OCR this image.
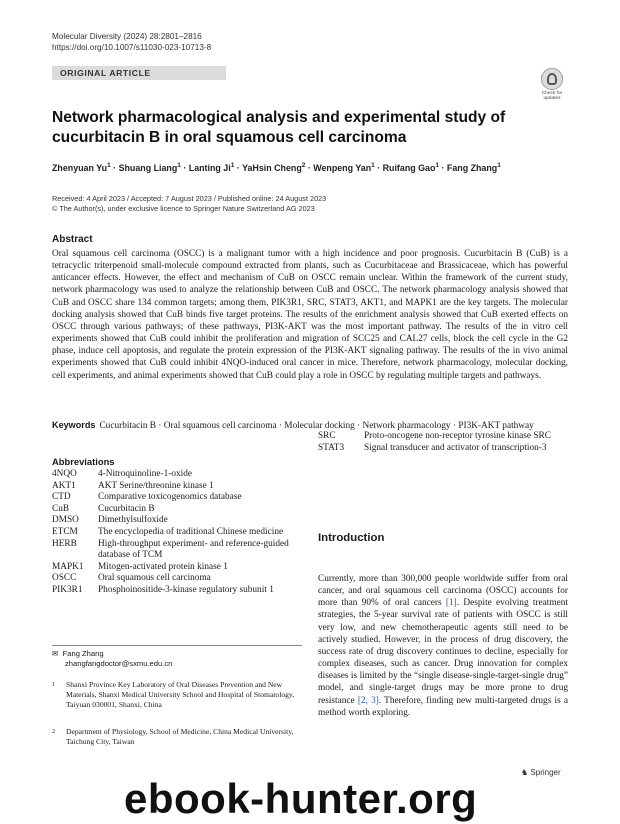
Molecular Diversity (2024) 28:2801–2816
https://doi.org/10.1007/s11030-023-10713-8
ORIGINAL ARTICLE
Check for
updates
Network pharmacological analysis and experimental study of cucurbitacin B in oral squamous cell carcinoma
Zhenyuan $Yu^1$ · Shuang Liang$^1$ · Lanting $Ji^1 \cdot YaHsin$ Cheng$^2$ · Wenpeng Yan$^1$ · Ruifang Gao$^1$ · Fang Zhang$^1$
Received: 4 April 2023 / Accepted: 7 August 2023 / Published online: 24 August 2023
© The Author(s), under exclusive licence to Springer Nature Switzerland AG 2023
Abstract
Oral squamous cell carcinoma (OSCC) is a malignant tumor with a high incidence and poor prognosis. Cucurbitacin B (CuB) is a tetracyclic triterpenoid small-molecule compound extracted from plants, such as Cucurbitaceae and Brassicaceae, which has powerful anticancer effects. However, the effect and mechanism of CuB on OSCC remain unclear. Within the framework of the current study, network pharmacology was used to analyze the relationship between CuB and OSCC. The network pharmacology analysis showed that CuB and OSCC share 134 common targets; among them, PIK3R1, SRC, STAT3, AKT1, and MAPK1 are the key targets. The molecular docking analysis showed that CuB binds five target proteins. The results of the enrichment analysis showed that CuB exerted effects on OSCC through various pathways; of these pathways, PI3K-AKT was the most important pathway. The results of the in vitro cell experiments showed that CuB could inhibit the proliferation and migration of SCC25 and CAL27 cells, block the cell cycle in the G2 phase, induce cell apoptosis, and regulate the protein expression of the PI3K-AKT signaling pathway. The results of the in vivo animal experiments showed that CuB could inhibit 4NQO-induced oral cancer in mice. Therefore, network pharmacology, molecular docking, cell experiments, and animal experiments showed that CuB could play a role in OSCC by regulating multiple targets and pathways.
Keywords Cucurbitacin B · Oral squamous cell carcinoma · Molecular docking · Network pharmacology · PI3K-AKT pathway
Abbreviations
4NQO	4-Nitroquinoline-1-oxide
AKT1	AKT Serine/threonine kinase 1
CTD	Comparative toxicogenomics database
CuB	Cucurbitacin B
DMSO	Dimethylsulfoxide
ETCM	The encyclopedia of traditional Chinese medicine
HERB	High-throughput experiment- and reference-guided database of TCM
MAPK1	Mitogen-activated protein kinase 1
OSCC	Oral squamous cell carcinoma
PIK3R1	Phosphoinositide-3-kinase regulatory subunit 1
SRC	Proto-oncogene non-receptor tyrosine kinase SRC
STAT3	Signal transducer and activator of transcription-3
✉ Fang Zhang
zhangfangdoctor@sxmu.edu.cn
1 Shanxi Province Key Laboratory of Oral Diseases Prevention and New Materials, Shanxi Medical University School and Hospital of Stomatology, Taiyuan 030001, Shanxi, China
2 Department of Physiology, School of Medicine, China Medical University, Taichung City, Taiwan
Introduction
Currently, more than 300,000 people worldwide suffer from oral cancer, and oral squamous cell carcinoma (OSCC) accounts for more than 90% of oral cancers [1]. Despite evolving treatment strategies, the 5-year survival rate of patients with OSCC is still very low, and new chemotherapeutic agents still need to be actively studied. However, in the process of drug discovery, the success rate of drug discovery continues to decline, especially for complex diseases, such as cancer. Drug innovation for complex diseases is limited by the “single disease-single-target-single drug” model, and single-target drugs may be more prone to drug resistance [2, 3]. Therefore, finding new multi-targeted drugs is a method worth exploring.
♞ Springer
ebook-hunter.org
